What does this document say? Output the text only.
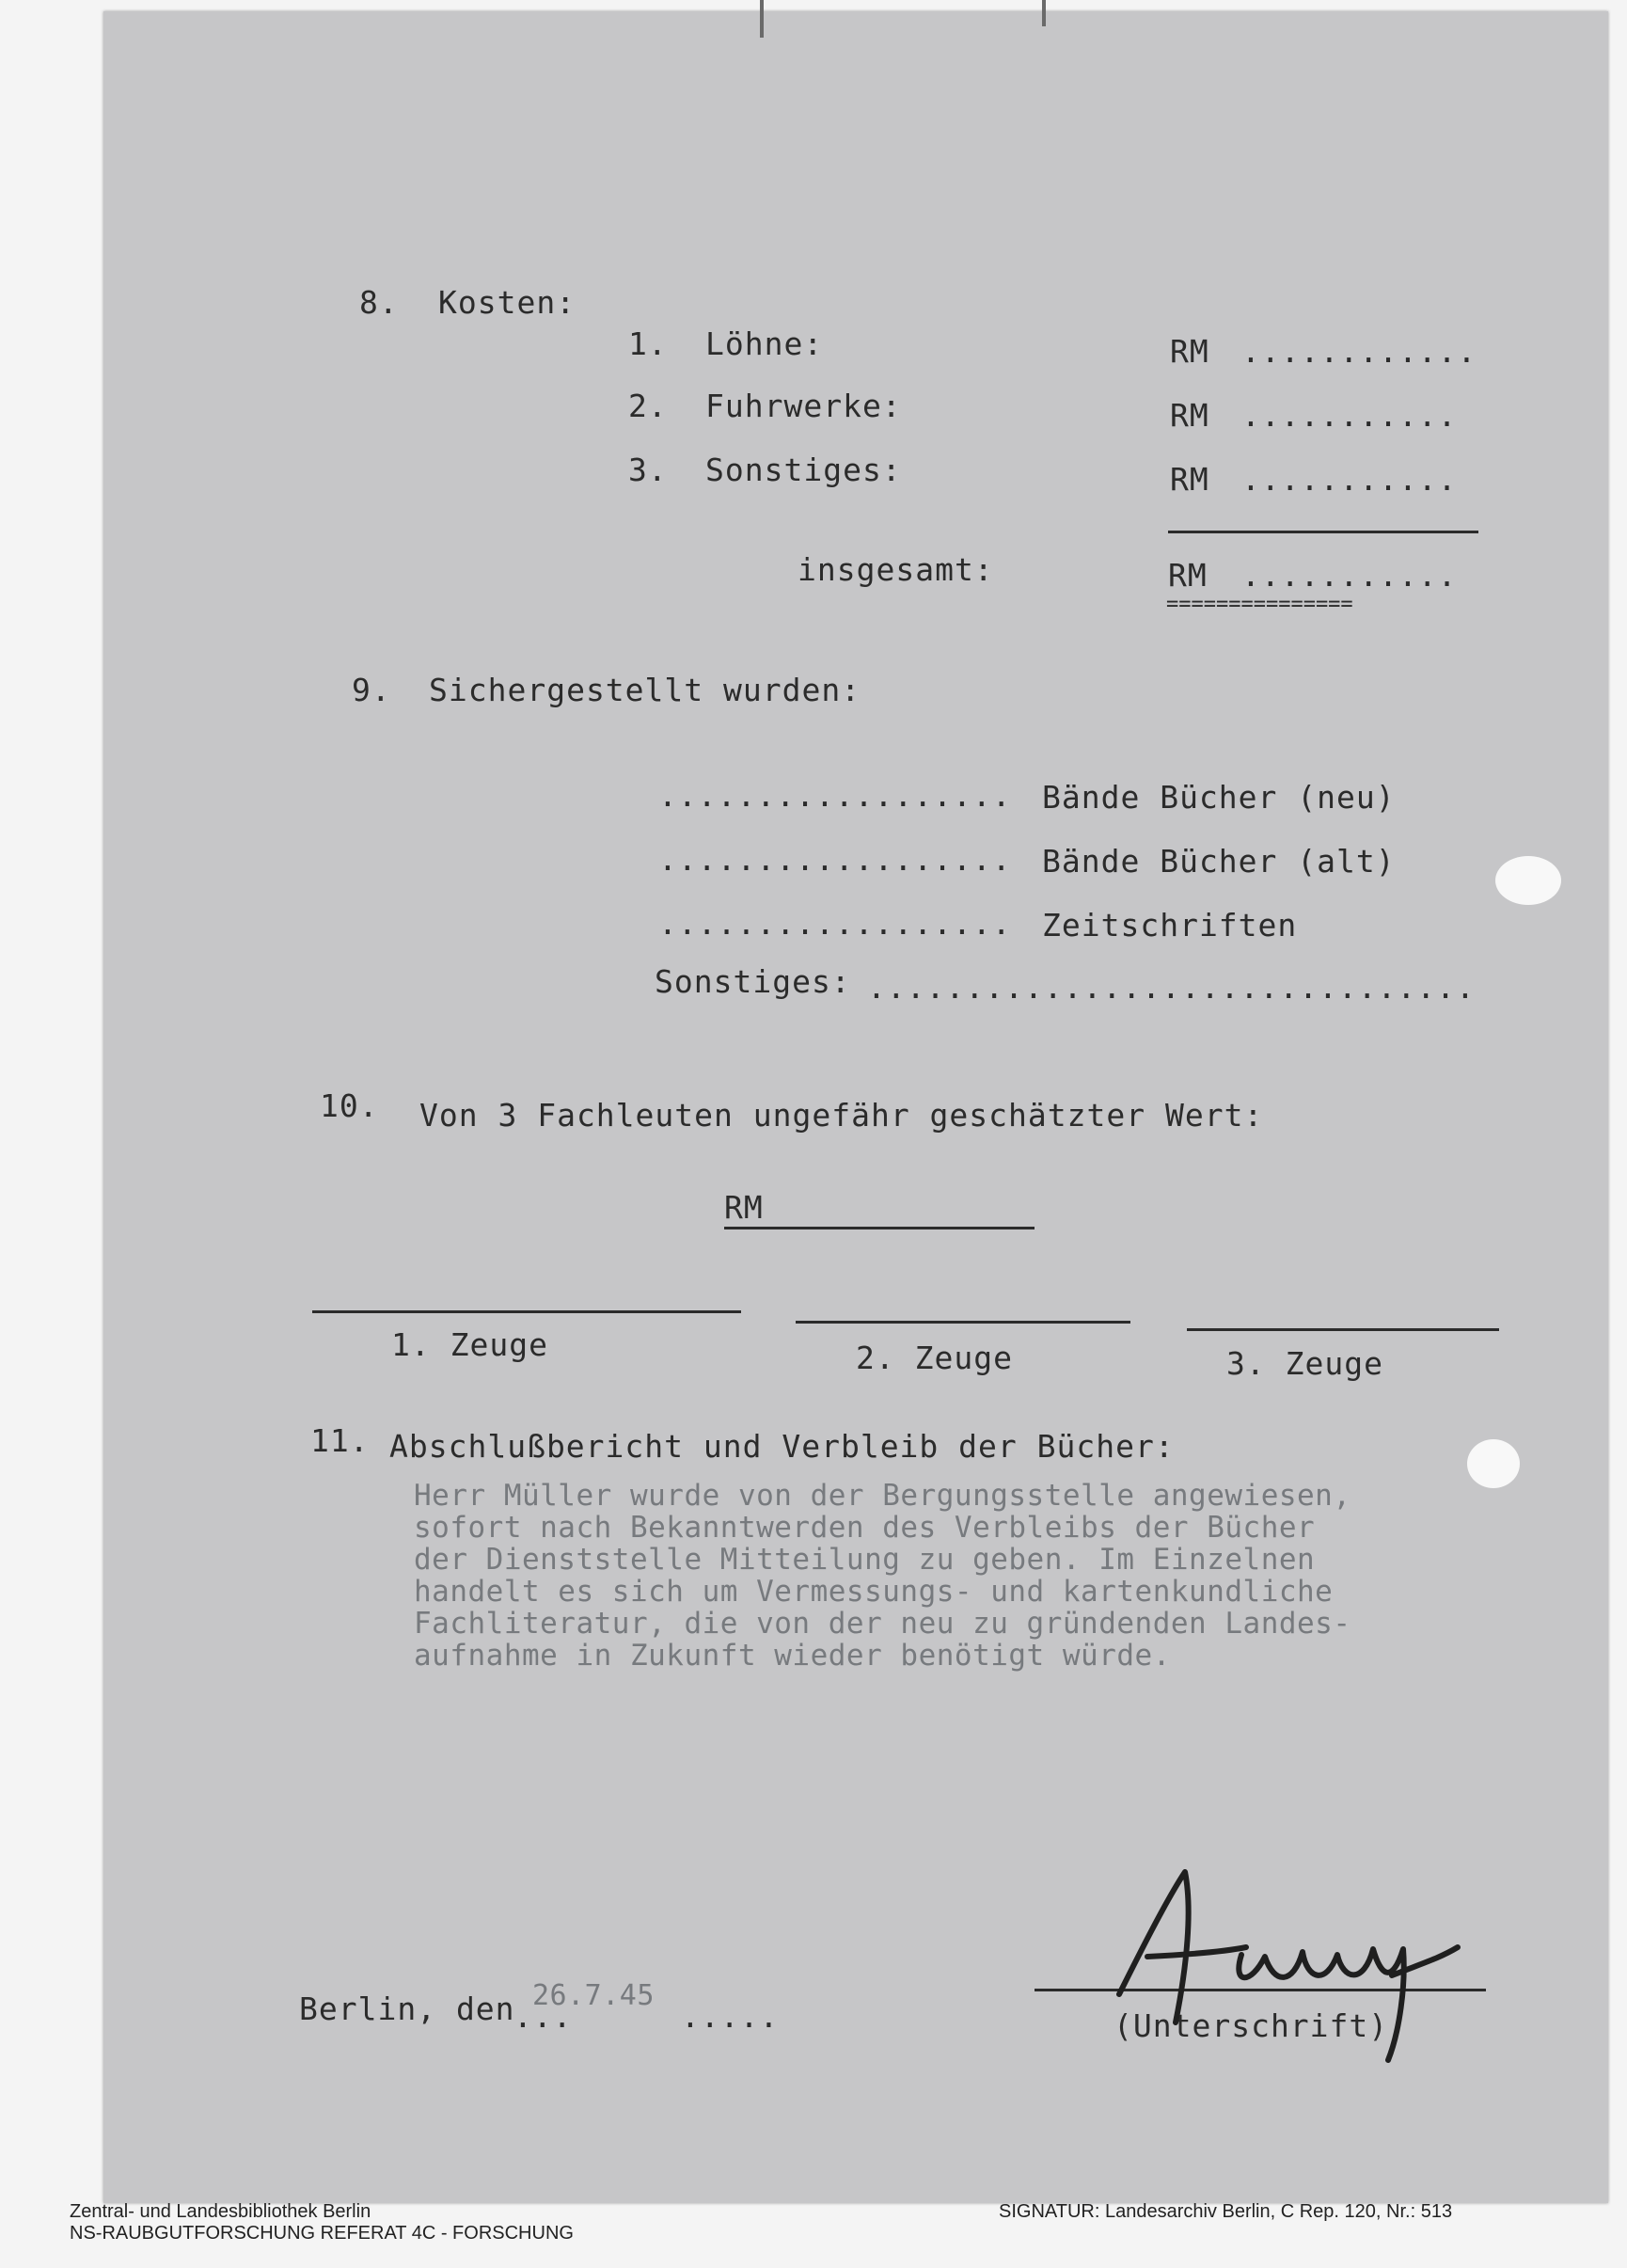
8. Kosten:
1. Löhne:	RM ............
2. Fuhrwerke:	RM ...........
3. Sonstiges:	RM ...........
insgesamt:	RM ...........
===============
9. Sichergestellt wurden:
.................. Bände Bücher (neu)
.................. Bände Bücher (alt)
.................. Zeitschriften
Sonstiges: ...............................
10. Von 3 Fachleuten ungefähr geschätzter Wert:
RM
1. Zeuge	2. Zeuge	3. Zeuge
11. Abschlußbericht und Verbleib der Bücher:
Herr Müller wurde von der Bergungsstelle angewiesen,
sofort nach Bekanntwerden des Verbleibs der Bücher
der Dienststelle Mitteilung zu geben. Im Einzelnen
handelt es sich um Vermessungs- und kartenkundliche
Fachliteratur, die von der neu zu gründenden Landes-
aufnahme in Zukunft wieder benötigt würde.
Berlin, den
...
26.7.45
.....	(Unterschrift)
Zentral- und Landesbibliothek Berlin
NS-RAUBGUTFORSCHUNG REFERAT 4C - FORSCHUNG
SIGNATUR: Landesarchiv Berlin, C Rep. 120, Nr.: 513
